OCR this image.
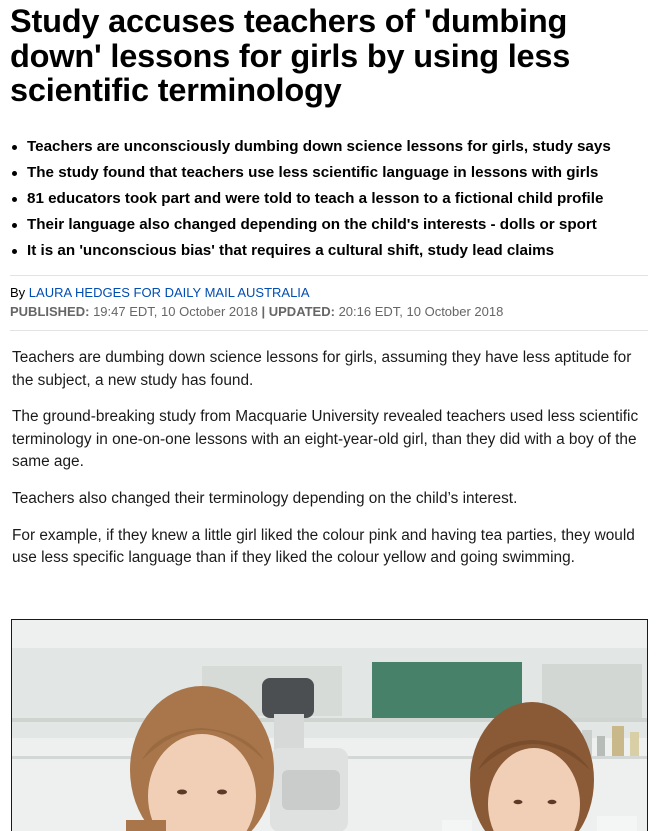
Study accuses teachers of 'dumbing down' lessons for girls by using less scientific terminology
Teachers are unconsciously dumbing down science lessons for girls, study says
The study found that teachers use less scientific language in lessons with girls
81 educators took part and were told to teach a lesson to a fictional child profile
Their language also changed depending on the child's interests - dolls or sport
It is an 'unconscious bias' that requires a cultural shift, study lead claims
By LAURA HEDGES FOR DAILY MAIL AUSTRALIA
PUBLISHED: 19:47 EDT, 10 October 2018 | UPDATED: 20:16 EDT, 10 October 2018

Teachers are dumbing down science lessons for girls, assuming they have less aptitude for the subject, a new study has found.

The ground-breaking study from Macquarie University revealed teachers used less scientific terminology in one-on-one lessons with an eight-year-old girl, than they did with a boy of the same age.

Teachers also changed their terminology depending on the child’s interest.

For example, if they knew a little girl liked the colour pink and having tea parties, they would use less specific language than if they liked the colour yellow and going swimming.
